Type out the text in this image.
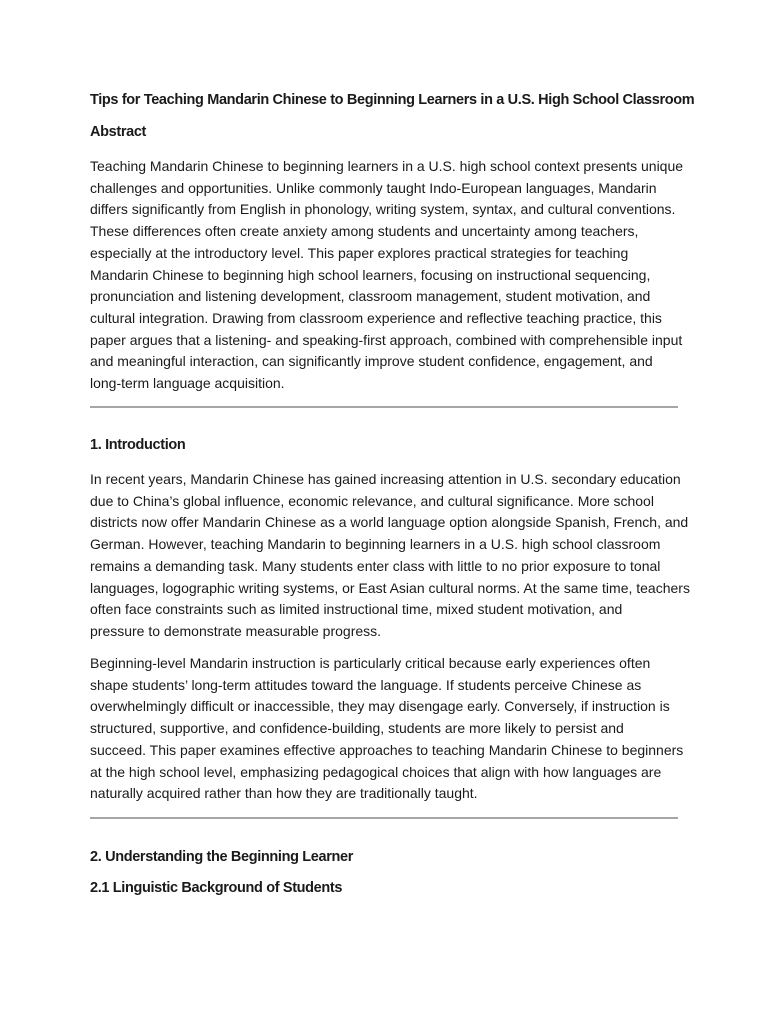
Tips for Teaching Mandarin Chinese to Beginning Learners in a U.S. High School Classroom
Abstract

Teaching Mandarin Chinese to beginning learners in a U.S. high school context presents unique
challenges and opportunities. Unlike commonly taught Indo-European languages, Mandarin
differs significantly from English in phonology, writing system, syntax, and cultural conventions.
These differences often create anxiety among students and uncertainty among teachers,
especially at the introductory level. This paper explores practical strategies for teaching
Mandarin Chinese to beginning high school learners, focusing on instructional sequencing,
pronunciation and listening development, classroom management, student motivation, and
cultural integration. Drawing from classroom experience and reflective teaching practice, this
paper argues that a listening- and speaking-first approach, combined with comprehensible input
and meaningful interaction, can significantly improve student confidence, engagement, and
long-term language acquisition.

1. Introduction

In recent years, Mandarin Chinese has gained increasing attention in U.S. secondary education
due to China’s global influence, economic relevance, and cultural significance. More school
districts now offer Mandarin Chinese as a world language option alongside Spanish, French, and
German. However, teaching Mandarin to beginning learners in a U.S. high school classroom
remains a demanding task. Many students enter class with little to no prior exposure to tonal
languages, logographic writing systems, or East Asian cultural norms. At the same time, teachers
often face constraints such as limited instructional time, mixed student motivation, and
pressure to demonstrate measurable progress.

Beginning-level Mandarin instruction is particularly critical because early experiences often
shape students’ long-term attitudes toward the language. If students perceive Chinese as
overwhelmingly difficult or inaccessible, they may disengage early. Conversely, if instruction is
structured, supportive, and confidence-building, students are more likely to persist and
succeed. This paper examines effective approaches to teaching Mandarin Chinese to beginners
at the high school level, emphasizing pedagogical choices that align with how languages are
naturally acquired rather than how they are traditionally taught.

2. Understanding the Beginning Learner
2.1 Linguistic Background of Students
